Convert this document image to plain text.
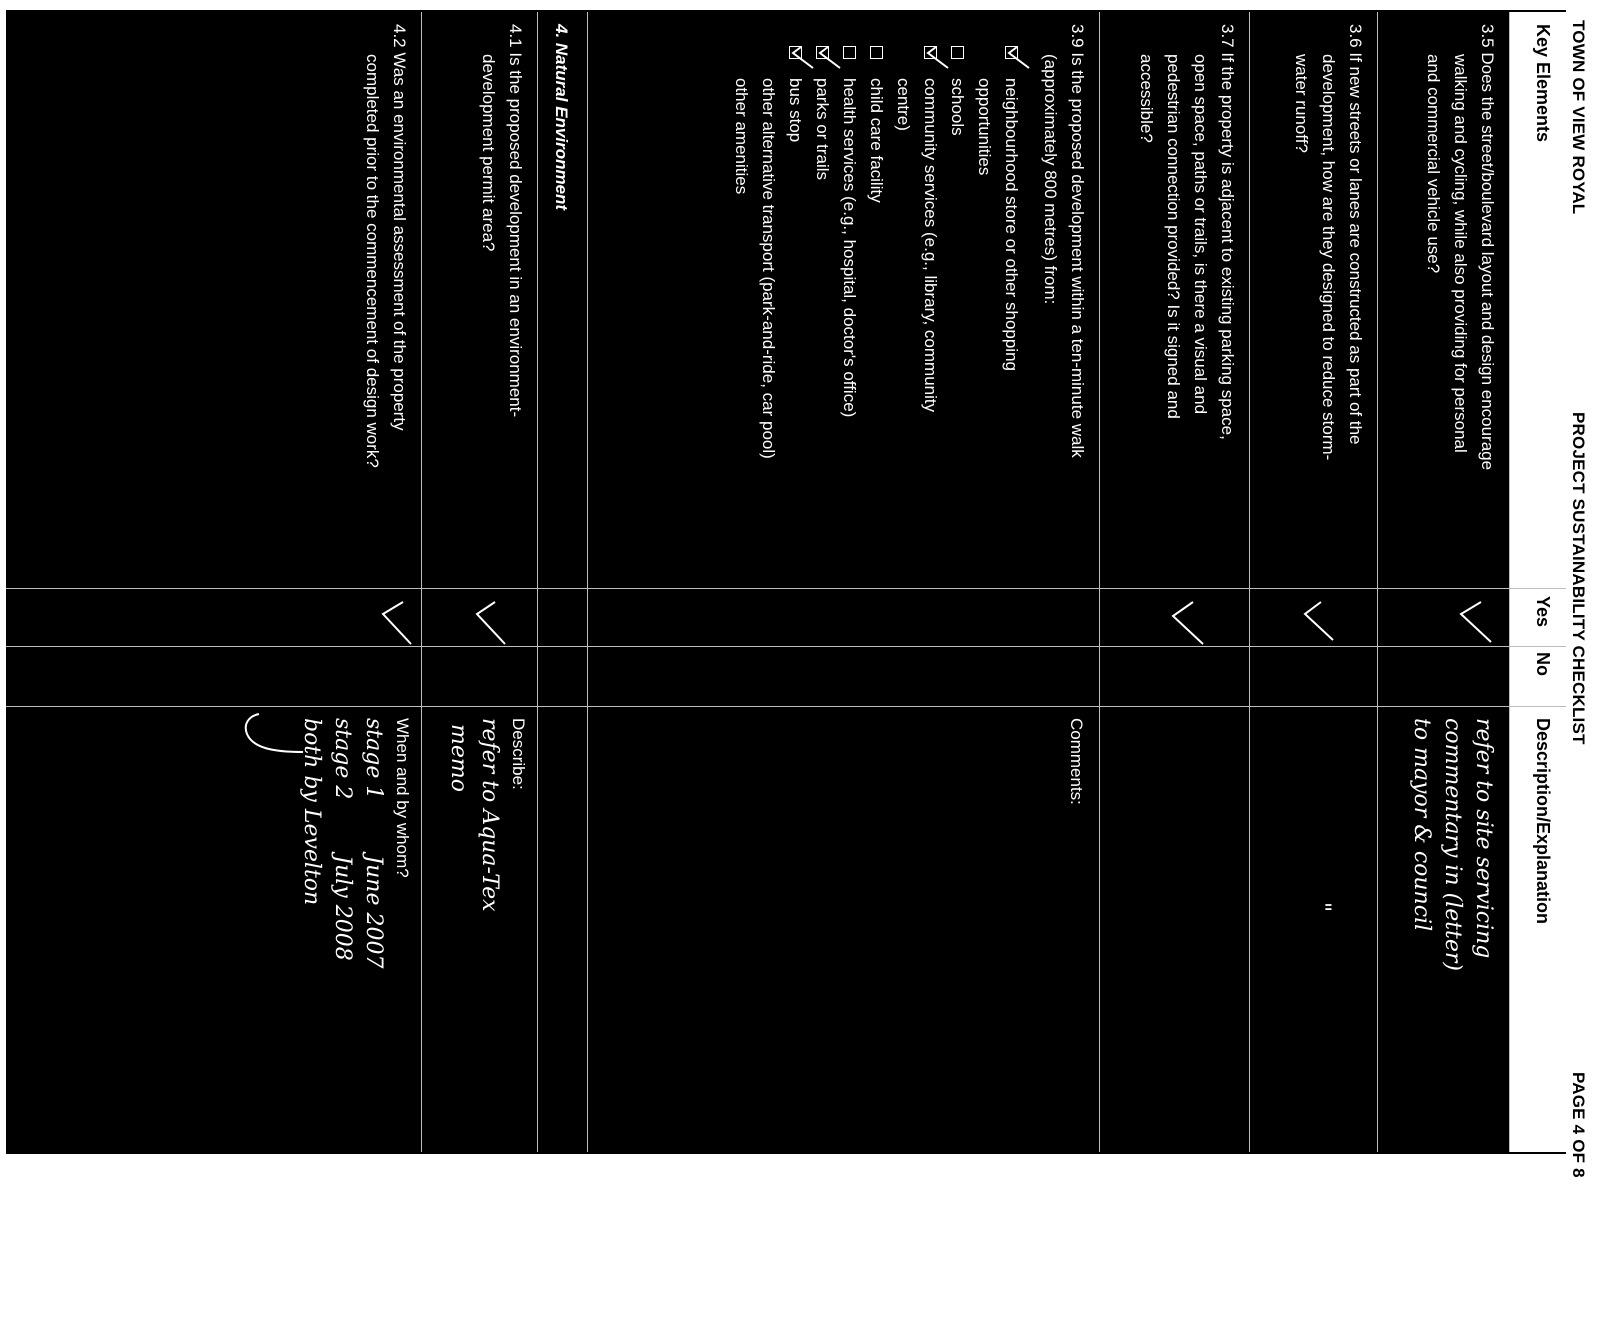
TOWN OF VIEW ROYAL
PROJECT SUSTAINABILITY CHECKLIST
PAGE 4 OF 8
Key Elements
Yes
No
Description/Explanation
3.5 Does the street/boulevard layout and design encourage
walking and cycling, while also providing for personal
and commercial vehicle use?
refer to site servicing
commentary in (letter)
to mayor & council
3.6 If new streets or lanes are constructed as part of the
development, how are they designed to reduce storm-
water runoff?
"
3.7 If the property is adjacent to existing parking space,
open space, paths or trails, is there a visual and
pedestrian connection provided? Is it signed and
accessible?
3.9 Is the proposed development within a ten-minute walk
(approximately 800 metres) from:
neighbourhood store or other shopping
opportunities
schools
community services (e.g., library, community
centre)
child care facility
health services (e.g., hospital, doctor's office)
parks or trails
bus stop
other alternative transport (park-and-ride, car pool)
other amenities
Comments:
4. Natural Environment
4.1 Is the proposed development in an environment-
development permit area?
Describe:
refer to Aqua-Tex
memo
4.2 Was an environmental assessment of the property
completed prior to the commencement of design work?
When and by whom?
stage 1        June 2007
stage 2        July 2008
both by Levelton
